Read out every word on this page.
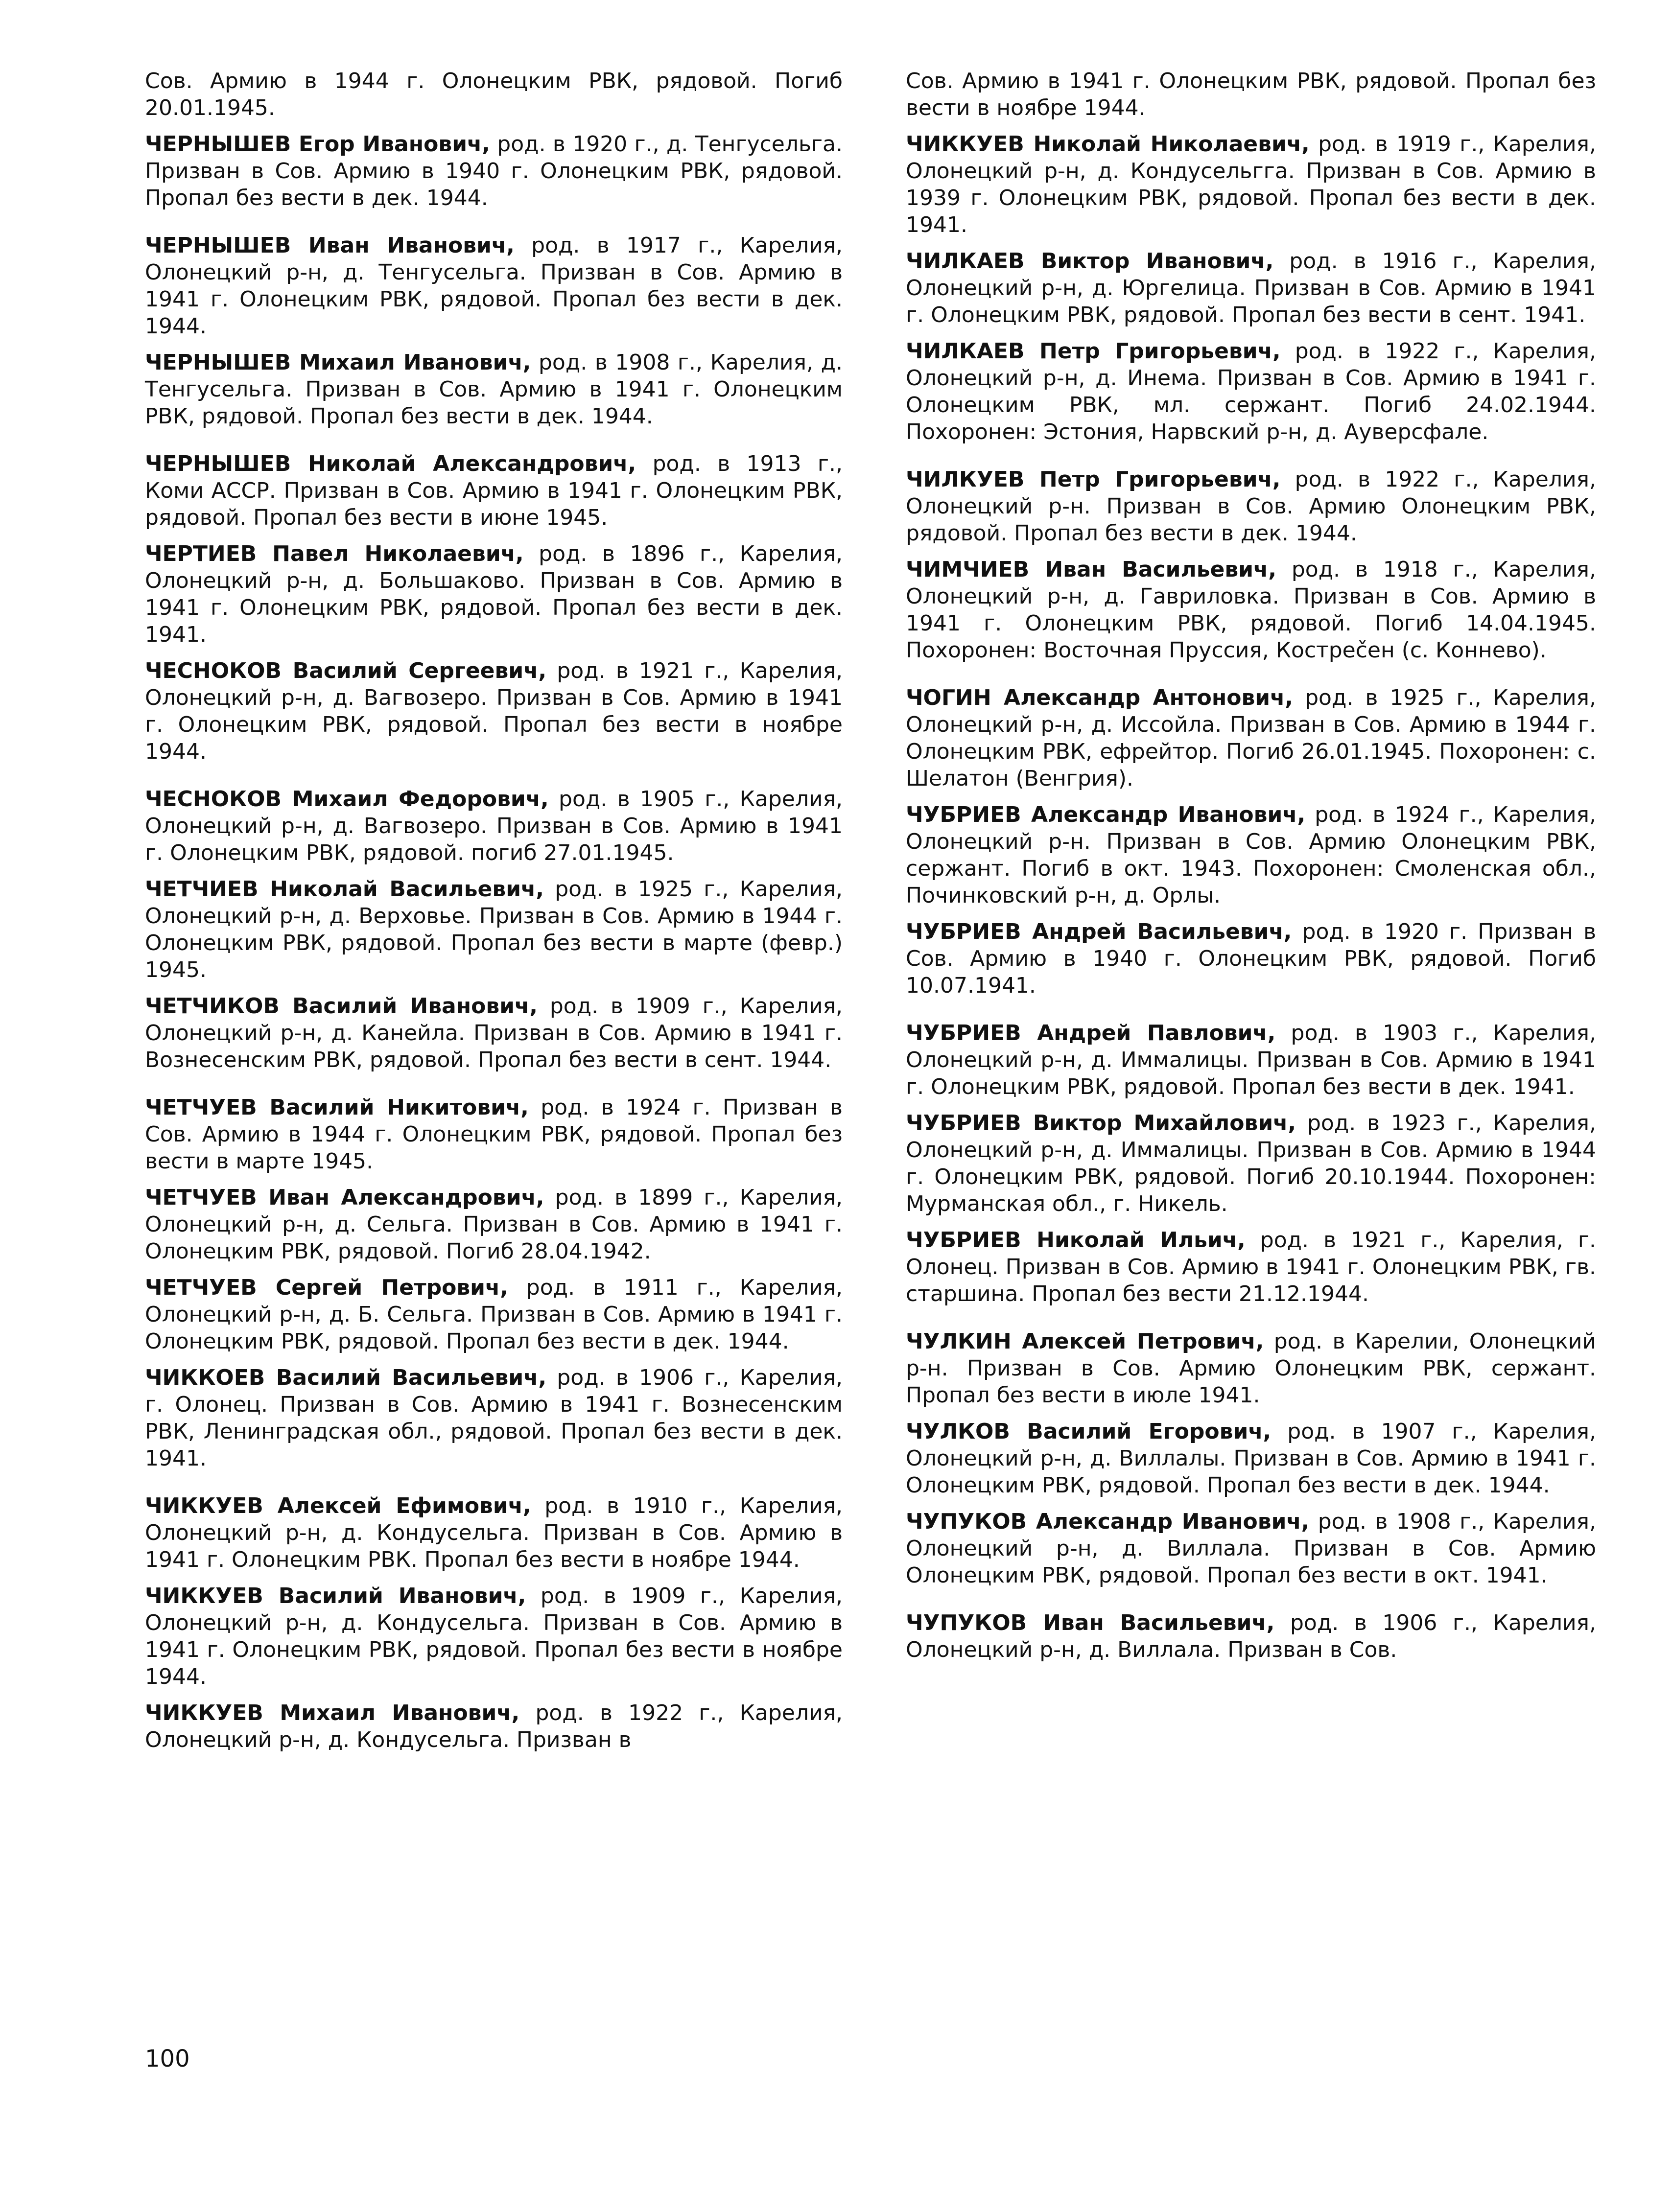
Сов. Армию в 1944 г. Олонецким РВК, рядовой. Погиб 20.01.1945.

ЧЕРНЫШЕВ Егор Иванович, род. в 1920 г., д. Тенгусельга. Призван в Сов. Армию в 1940 г. Олонецким РВК, рядовой. Пропал без вести в дек. 1944.

ЧЕРНЫШЕВ Иван Иванович, род. в 1917 г., Карелия, Олонецкий р-н, д. Тенгусельга. Призван в Сов. Армию в 1941 г. Олонецким РВК, рядовой. Пропал без вести в дек. 1944.

ЧЕРНЫШЕВ Михаил Иванович, род. в 1908 г., Карелия, д. Тенгусельга. Призван в Сов. Армию в 1941 г. Олонецким РВК, рядовой. Пропал без вести в дек. 1944.

ЧЕРНЫШЕВ Николай Александрович, род. в 1913 г., Коми АССР. Призван в Сов. Армию в 1941 г. Олонецким РВК, рядовой. Пропал без вести в июне 1945.

ЧЕРТИЕВ Павел Николаевич, род. в 1896 г., Карелия, Олонецкий р-н, д. Большаково. Призван в Сов. Армию в 1941 г. Олонецким РВК, рядовой. Пропал без вести в дек. 1941.

ЧЕСНОКОВ Василий Сергеевич, род. в 1921 г., Карелия, Олонецкий р-н, д. Вагвозеро. Призван в Сов. Армию в 1941 г. Олонецким РВК, рядовой. Пропал без вести в ноябре 1944.

ЧЕСНОКОВ Михаил Федорович, род. в 1905 г., Карелия, Олонецкий р-н, д. Вагвозеро. Призван в Сов. Армию в 1941 г. Олонецким РВК, рядовой. погиб 27.01.1945.

ЧЕТЧИЕВ Николай Васильевич, род. в 1925 г., Карелия, Олонецкий р-н, д. Верховье. Призван в Сов. Армию в 1944 г. Олонецким РВК, рядовой. Пропал без вести в марте (февр.) 1945.

ЧЕТЧИКОВ Василий Иванович, род. в 1909 г., Карелия, Олонецкий р-н, д. Канейла. Призван в Сов. Армию в 1941 г. Вознесенским РВК, рядовой. Пропал без вести в сент. 1944.

ЧЕТЧУЕВ Василий Никитович, род. в 1924 г. Призван в Сов. Армию в 1944 г. Олонецким РВК, рядовой. Пропал без вести в марте 1945.

ЧЕТЧУЕВ Иван Александрович, род. в 1899 г., Карелия, Олонецкий р-н, д. Сельга. Призван в Сов. Армию в 1941 г. Олонецким РВК, рядовой. Погиб 28.04.1942.

ЧЕТЧУЕВ Сергей Петрович, род. в 1911 г., Карелия, Олонецкий р-н, д. Б. Сельга. Призван в Сов. Армию в 1941 г. Олонецким РВК, рядовой. Пропал без вести в дек. 1944.

ЧИККОЕВ Василий Васильевич, род. в 1906 г., Карелия, г. Олонец. Призван в Сов. Армию в 1941 г. Вознесенским РВК, Ленинградская обл., рядовой. Пропал без вести в дек. 1941.

ЧИККУЕВ Алексей Ефимович, род. в 1910 г., Карелия, Олонецкий р-н, д. Кондусельга. Призван в Сов. Армию в 1941 г. Олонецким РВК. Пропал без вести в ноябре 1944.

ЧИККУЕВ Василий Иванович, род. в 1909 г., Карелия, Олонецкий р-н, д. Кондусельга. Призван в Сов. Армию в 1941 г. Олонецким РВК, рядовой. Пропал без вести в ноябре 1944.

ЧИККУЕВ Михаил Иванович, род. в 1922 г., Карелия, Олонецкий р-н, д. Кондусельга. Призван в

Сов. Армию в 1941 г. Олонецким РВК, рядовой. Пропал без вести в ноябре 1944.

ЧИККУЕВ Николай Николаевич, род. в 1919 г., Карелия, Олонецкий р-н, д. Кондусельгга. Призван в Сов. Армию в 1939 г. Олонецким РВК, рядовой. Пропал без вести в дек. 1941.

ЧИЛКАЕВ Виктор Иванович, род. в 1916 г., Карелия, Олонецкий р-н, д. Юргелица. Призван в Сов. Армию в 1941 г. Олонецким РВК, рядовой. Пропал без вести в сент. 1941.

ЧИЛКАЕВ Петр Григорьевич, род. в 1922 г., Карелия, Олонецкий р-н, д. Инема. Призван в Сов. Армию в 1941 г. Олонецким РВК, мл. сержант. Погиб 24.02.1944. Похоронен: Эстония, Нарвский р-н, д. Ауверсфале.

ЧИЛКУЕВ Петр Григорьевич, род. в 1922 г., Карелия, Олонецкий р-н. Призван в Сов. Армию Олонецким РВК, рядовой. Пропал без вести в дек. 1944.

ЧИМЧИЕВ Иван Васильевич, род. в 1918 г., Карелия, Олонецкий р-н, д. Гавриловка. Призван в Сов. Армию в 1941 г. Олонецким РВК, рядовой. Погиб 14.04.1945. Похоронен: Восточная Пруссия, Кострečен (с. Коннево).

ЧОГИН Александр Антонович, род. в 1925 г., Карелия, Олонецкий р-н, д. Иссойла. Призван в Сов. Армию в 1944 г. Олонецким РВК, ефрейтор. Погиб 26.01.1945. Похоронен: с. Шелатон (Венгрия).

ЧУБРИЕВ Александр Иванович, род. в 1924 г., Карелия, Олонецкий р-н. Призван в Сов. Армию Олонецким РВК, сержант. Погиб в окт. 1943. Похоронен: Смоленская обл., Починковский р-н, д. Орлы.

ЧУБРИЕВ Андрей Васильевич, род. в 1920 г. Призван в Сов. Армию в 1940 г. Олонецким РВК, рядовой. Погиб 10.07.1941.

ЧУБРИЕВ Андрей Павлович, род. в 1903 г., Карелия, Олонецкий р-н, д. Иммалицы. Призван в Сов. Армию в 1941 г. Олонецким РВК, рядовой. Пропал без вести в дек. 1941.

ЧУБРИЕВ Виктор Михайлович, род. в 1923 г., Карелия, Олонецкий р-н, д. Иммалицы. Призван в Сов. Армию в 1944 г. Олонецким РВК, рядовой. Погиб 20.10.1944. Похоронен: Мурманская обл., г. Никель.

ЧУБРИЕВ Николай Ильич, род. в 1921 г., Карелия, г. Олонец. Призван в Сов. Армию в 1941 г. Олонецким РВК, гв. старшина. Пропал без вести 21.12.1944.

ЧУЛКИН Алексей Петрович, род. в Карелии, Олонецкий р-н. Призван в Сов. Армию Олонецким РВК, сержант. Пропал без вести в июле 1941.

ЧУЛКОВ Василий Егорович, род. в 1907 г., Карелия, Олонецкий р-н, д. Виллалы. Призван в Сов. Армию в 1941 г. Олонецким РВК, рядовой. Пропал без вести в дек. 1944.

ЧУПУКОВ Александр Иванович, род. в 1908 г., Карелия, Олонецкий р-н, д. Виллала. Призван в Сов. Армию Олонецким РВК, рядовой. Пропал без вести в окт. 1941.

ЧУПУКОВ Иван Васильевич, род. в 1906 г., Карелия, Олонецкий р-н, д. Виллала. Призван в Сов.

100
